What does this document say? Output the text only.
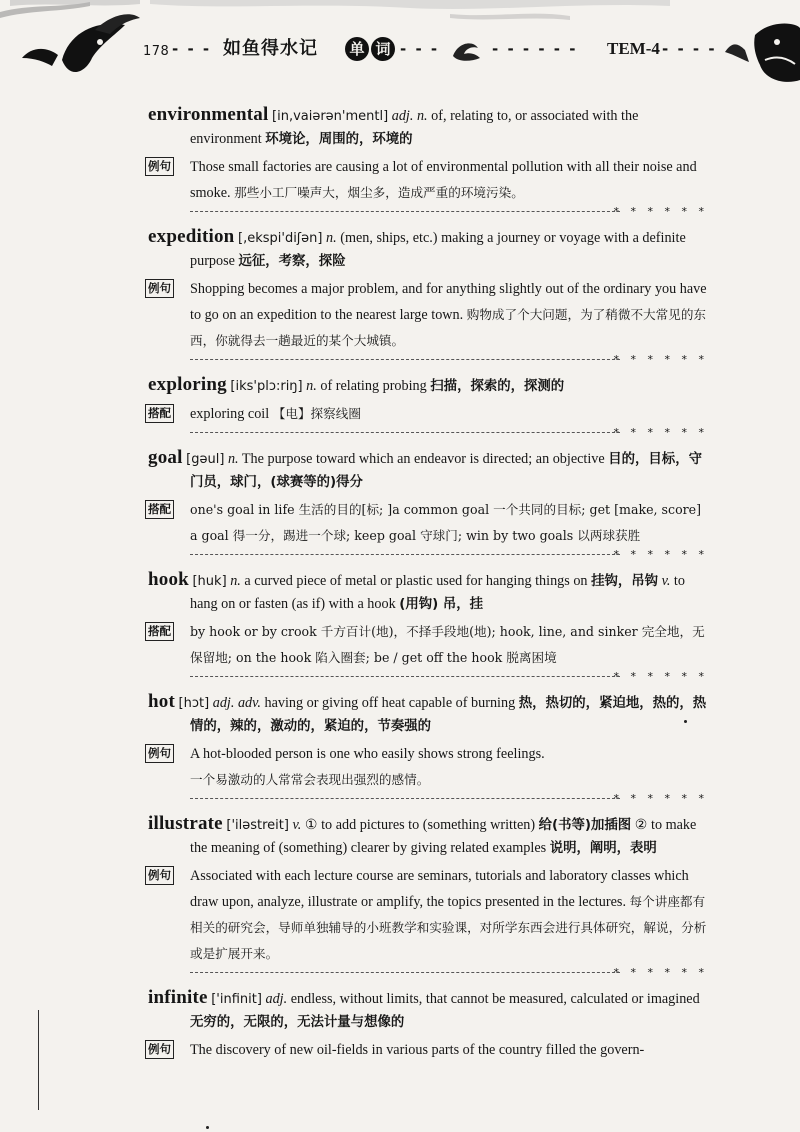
178 - - - 如鱼得水记 单 词 - - -	- - - - - - TEM-4 - - - -

environmental [in,vaiərən'mentl] adj. n. of, relating to, or associated with the environment 环境论，周围的，环境的

例句 Those small factories are causing a lot of environmental pollution with all their noise and smoke. 那些小工厂噪声大，烟尘多，造成严重的环境污染。
* * * * * *

expedition [,ekspi'diʃən] n. (men, ships, etc.) making a journey or voyage with a definite purpose 远征，考察，探险

例句 Shopping becomes a major problem, and for anything slightly out of the ordinary you have to go on an expedition to the nearest large town. 购物成了个大问题，为了稍微不大常见的东西，你就得去一趟最近的某个大城镇。
* * * * * *

exploring [iks'plɔ:riŋ] n. of relating probing 扫描，探索的，探测的

搭配 exploring coil 【电】探察线圈
* * * * * *

goal [gəul] n. The purpose toward which an endeavor is directed; an objective 目的，目标，守门员，球门，(球赛等的)得分

搭配 one's goal in life 生活的目的[标; ]a common goal 一个共同的目标; get [make, score] a goal 得一分，踢进一个球; keep goal 守球门; win by two goals 以两球获胜
* * * * * *

hook [huk] n. a curved piece of metal or plastic used for hanging things on 挂钩，吊钩 v. to hang on or fasten (as if) with a hook (用钩) 吊，挂

搭配 by hook or by crook 千方百计(地)，不择手段地(地); hook, line, and sinker 完全地，无保留地; on the hook 陷入圈套; be / get off the hook 脱离困境
* * * * * *

hot [hɔt] adj. adv. having or giving off heat capable of burning 热，热切的，紧迫地，热的，热情的，辣的，激动的，紧迫的，节奏强的

例句 A hot-blooded person is one who easily shows strong feelings.
一个易激动的人常常会表现出强烈的感情。
* * * * * *

illustrate ['iləstreit] v. ① to add pictures to (something written) 给(书等)加插图 ② to make the meaning of (something) clearer by giving related examples 说明，阐明，表明

例句 Associated with each lecture course are seminars, tutorials and laboratory classes which draw upon, analyze, illustrate or amplify, the topics presented in the lectures. 每个讲座都有相关的研究会，导师单独辅导的小班教学和实验课，对所学东西会进行具体研究，解说，分析或是扩展开来。
* * * * * *

infinite ['infinit] adj. endless, without limits, that cannot be measured, calculated or imagined 无穷的，无限的，无法计量与想像的

例句 The discovery of new oil-fields in various parts of the country filled the govern-
